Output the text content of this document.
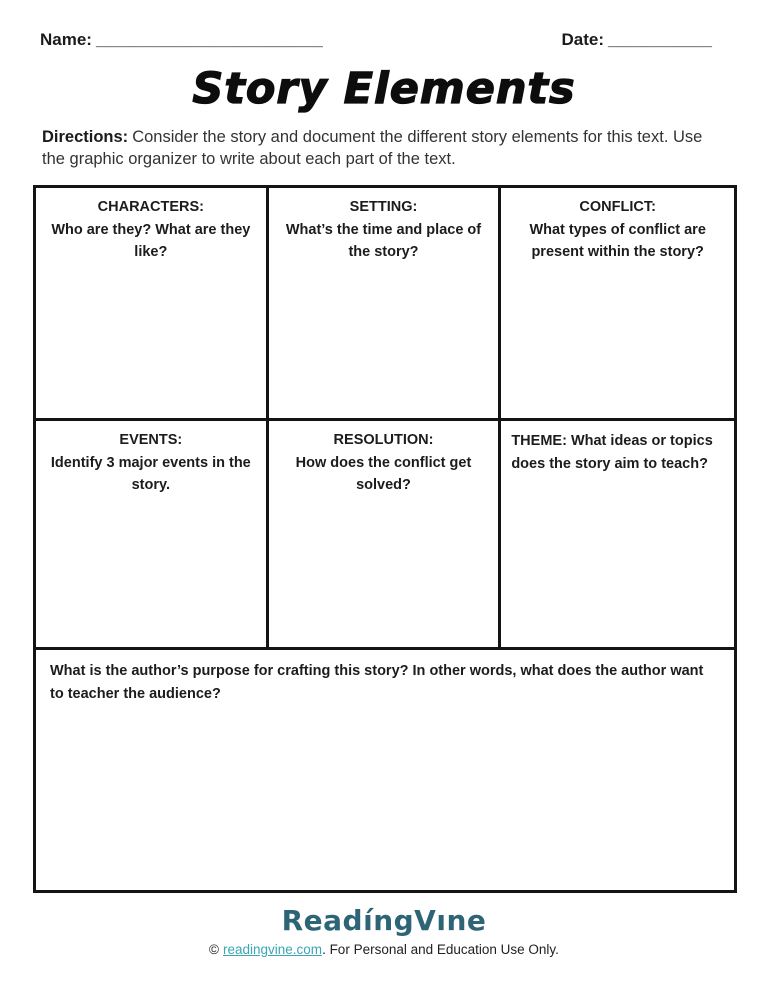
Name: ________________________	Date: ___________
Story Elements
Directions: Consider the story and document the different story elements for this text. Use the graphic organizer to write about each part of the text.
CHARACTERS:
Who are they? What are they like?
SETTING:
What’s the time and place of the story?
CONFLICT:
What types of conflict are present within the story?
EVENTS:
Identify 3 major events in the story.
RESOLUTION:
How does the conflict get solved?
THEME: What ideas or topics does the story aim to teach?
What is the author’s purpose for crafting this story? In other words, what does the author want to teacher the audience?
ReadíngVıne
© readingvine.com. For Personal and Education Use Only.
